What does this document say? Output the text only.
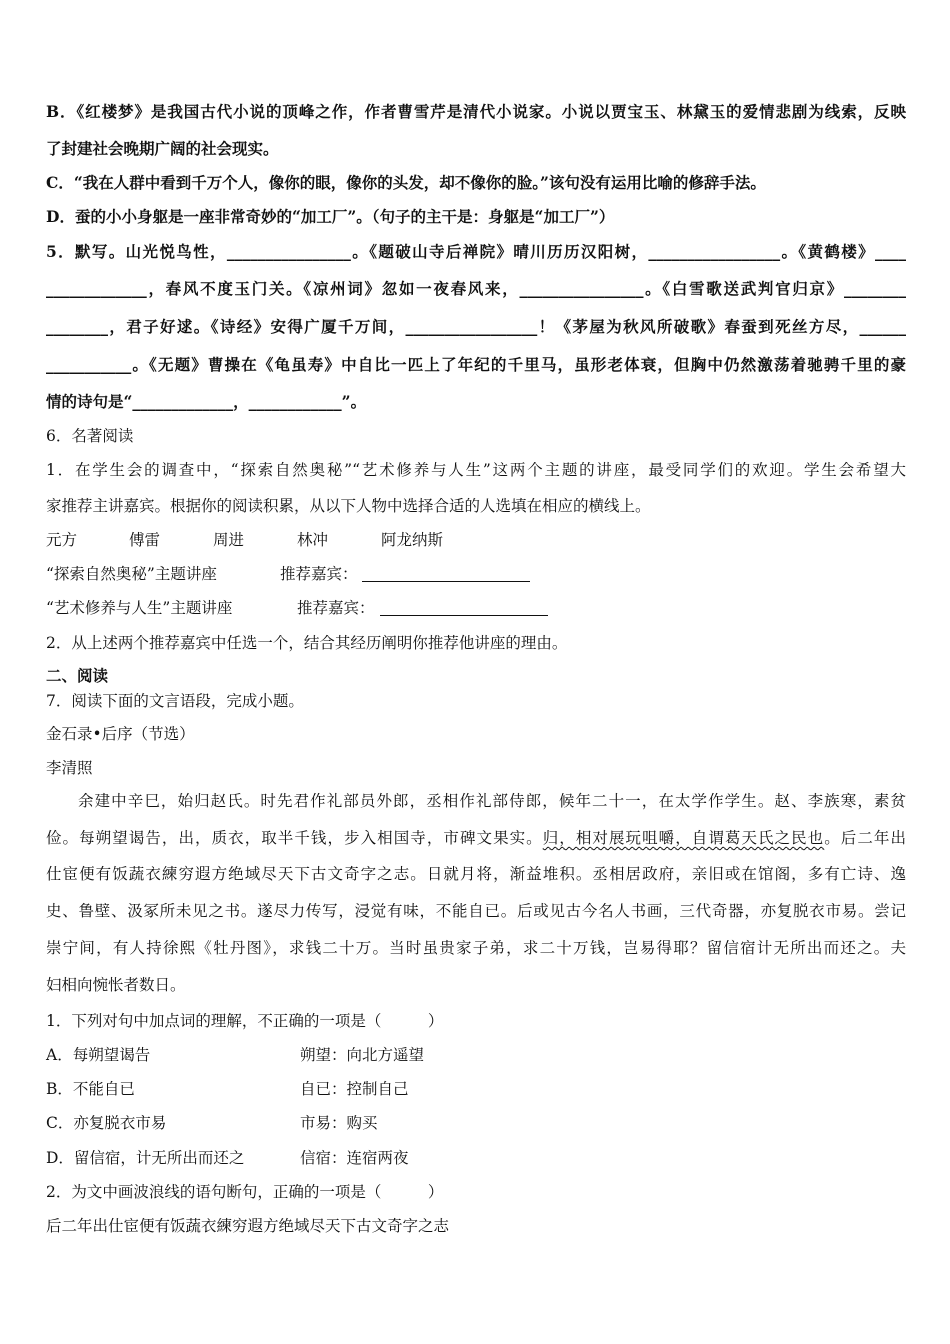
B．《红楼梦》是我国古代小说的顶峰之作，作者曹雪芹是清代小说家。小说以贾宝玉、林黛玉的爱情悲剧为线索，反映
了封建社会晚期广阔的社会现实。
C．“我在人群中看到千万个人，像你的眼，像你的头发，却不像你的脸。”该句没有运用比喻的修辞手法。
D．蚕的小小身躯是一座非常奇妙的“加工厂”。（句子的主干是：身躯是“加工厂”）
5．默写。山光悦鸟性，________________。《题破山寺后禅院》晴川历历汉阳树，_________________。《黄鹤楼》____
_____________，春风不度玉门关。《凉州词》忽如一夜春风来，________________。《白雪歌送武判官归京》________
________，君子好逑。《诗经》安得广厦千万间，_________________！《茅屋为秋风所破歌》春蚕到死丝方尽，______
___________。《无题》曹操在《龟虽寿》中自比一匹上了年纪的千里马，虽形老体衰，但胸中仍然激荡着驰骋千里的豪
情的诗句是“_____________，____________”。
6．名著阅读
1．在学生会的调查中，“探索自然奥秘”“艺术修养与人生”这两个主题的讲座，最受同学们的欢迎。学生会希望大
家推荐主讲嘉宾。根据你的阅读积累，从以下人物中选择合适的人选填在相应的横线上。
元方	傅雷	周进	林冲	阿龙纳斯
“探索自然奥秘”主题讲座	推荐嘉宾：
“艺术修养与人生”主题讲座	推荐嘉宾：
2．从上述两个推荐嘉宾中任选一个，结合其经历阐明你推荐他讲座的理由。
二、阅读
7．阅读下面的文言语段，完成小题。
金石录•后序（节选）
李清照
余建中辛巳，始归赵氏。时先君作礼部员外郎，丞相作礼部侍郎，候年二十一，在太学作学生。赵、李族寒，素贫
俭。每朔望谒告，出，质衣，取半千钱，步入相国寺，市碑文果实。归，相对展玩咀嚼，自谓葛天氏之民也。后二年出
仕宦便有饭蔬衣練穷遐方绝域尽天下古文奇字之志。日就月将，渐益堆积。丞相居政府，亲旧或在馆阁，多有亡诗、逸
史、鲁壁、汲冢所未见之书。遂尽力传写，浸觉有味，不能自已。后或见古今名人书画，三代奇器，亦复脱衣市易。尝记
崇宁间，有人持徐熙《牡丹图》，求钱二十万。当时虽贵家子弟，求二十万钱，岂易得耶？留信宿计无所出而还之。夫
妇相向惋怅者数日。
1．下列对句中加点词的理解，不正确的一项是（　　　）
A．每朔望谒告	朔望：向北方遥望
B．不能自已	自已：控制自己
C．亦复脱衣市易	市易：购买
D．留信宿，计无所出而还之	信宿：连宿两夜
2．为文中画波浪线的语句断句，正确的一项是（　　　）
后二年出仕宦便有饭蔬衣練穷遐方绝域尽天下古文奇字之志
